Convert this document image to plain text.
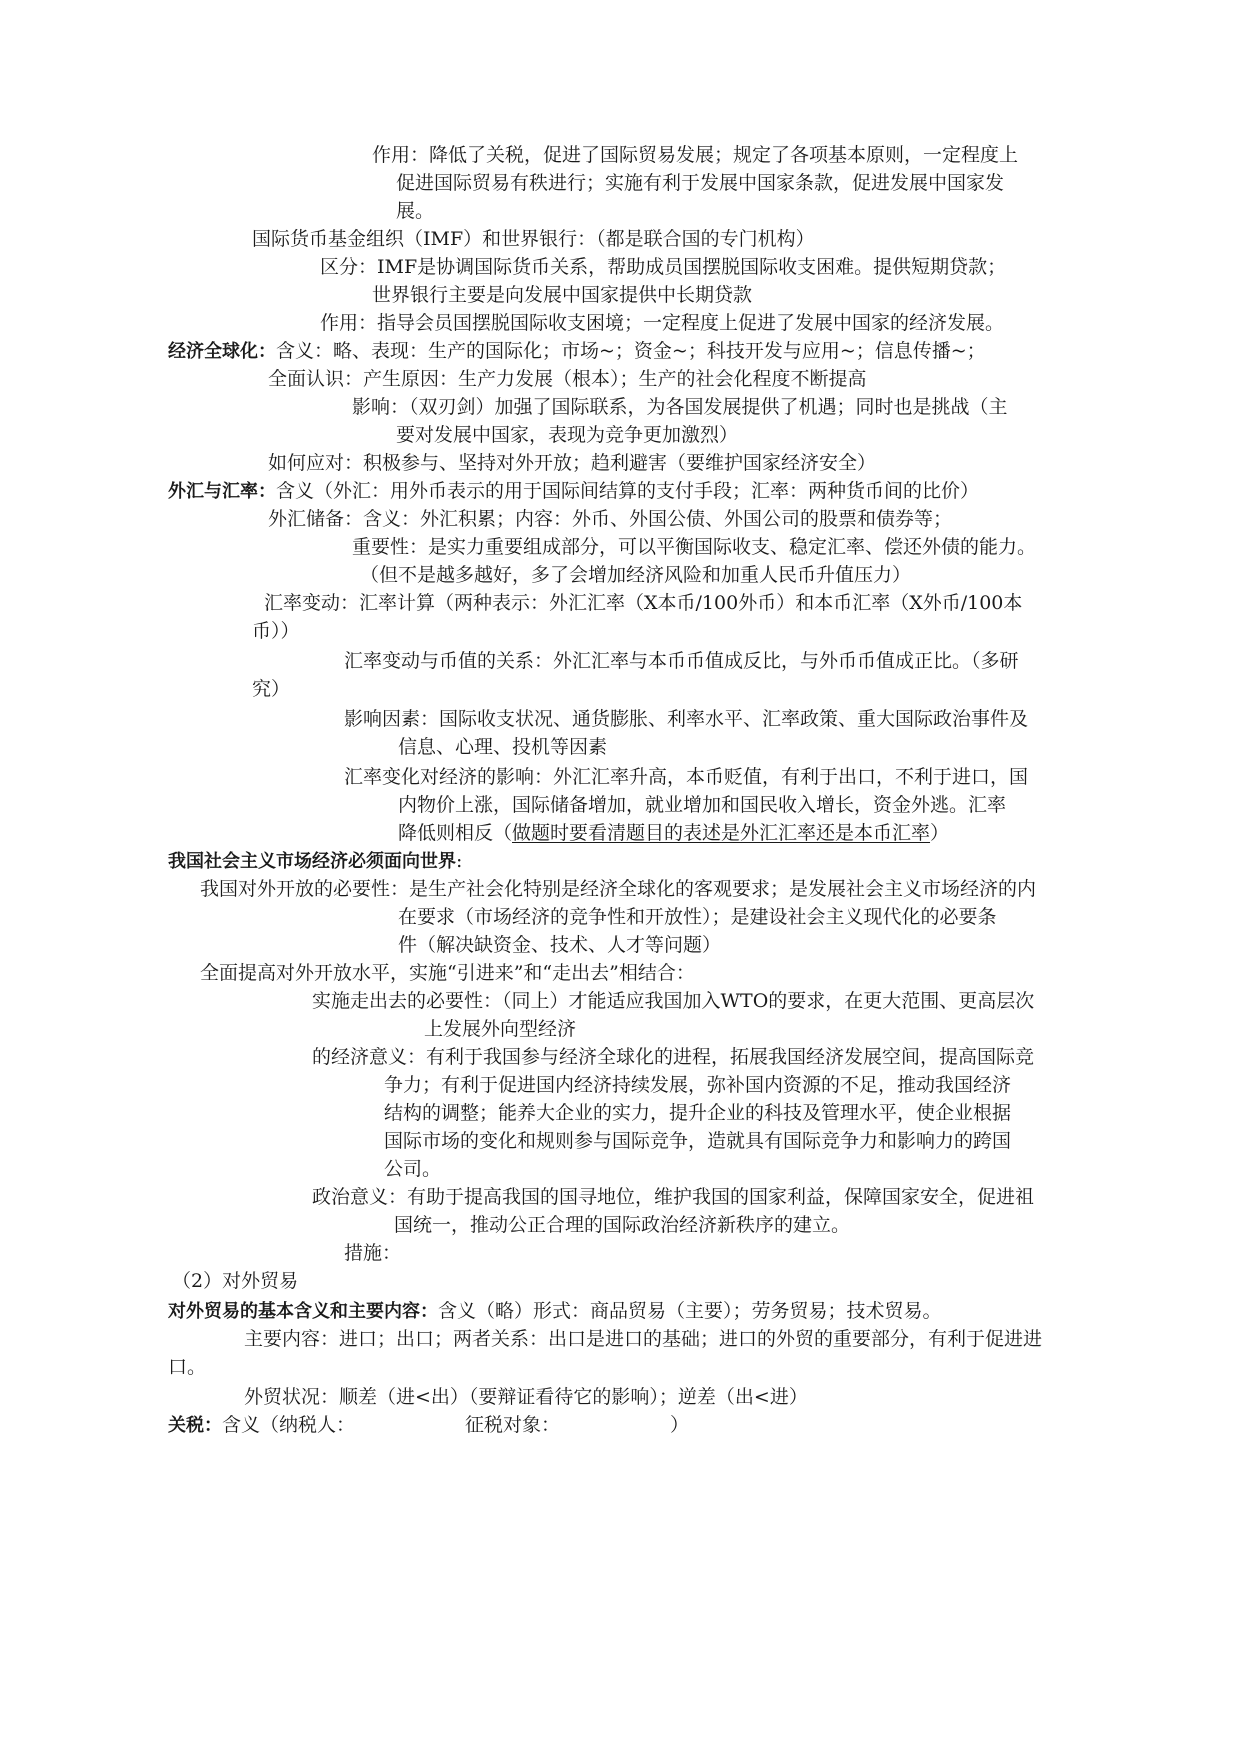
作用：降低了关税，促进了国际贸易发展；规定了各项基本原则，一定程度上
促进国际贸易有秩进行；实施有利于发展中国家条款，促进发展中国家发
展。
国际货币基金组织（IMF）和世界银行：（都是联合国的专门机构）
区分：IMF是协调国际货币关系，帮助成员国摆脱国际收支困难。提供短期贷款；
世界银行主要是向发展中国家提供中长期贷款
作用：指导会员国摆脱国际收支困境；一定程度上促进了发展中国家的经济发展。
经济全球化：含义：略、表现：生产的国际化；市场~；资金~；科技开发与应用~；信息传播~；
全面认识：产生原因：生产力发展（根本）；生产的社会化程度不断提高
影响：（双刃剑）加强了国际联系，为各国发展提供了机遇；同时也是挑战（主
要对发展中国家，表现为竞争更加激烈）
如何应对：积极参与、坚持对外开放；趋利避害（要维护国家经济安全）
外汇与汇率：含义（外汇：用外币表示的用于国际间结算的支付手段；汇率：两种货币间的比价）
外汇储备：含义：外汇积累；内容：外币、外国公债、外国公司的股票和债券等；
重要性：是实力重要组成部分，可以平衡国际收支、稳定汇率、偿还外债的能力。
（但不是越多越好，多了会增加经济风险和加重人民币升值压力）
汇率变动：汇率计算（两种表示：外汇汇率（X本币/100外币）和本币汇率（X外币/100本
币））
汇率变动与币值的关系：外汇汇率与本币币值成反比，与外币币值成正比。（多研
究）
影响因素：国际收支状况、通货膨胀、利率水平、汇率政策、重大国际政治事件及
信息、心理、投机等因素
汇率变化对经济的影响：外汇汇率升高，本币贬值，有利于出口，不利于进口，国
内物价上涨，国际储备增加，就业增加和国民收入增长，资金外逃。汇率
降低则相反（做题时要看清题目的表述是外汇汇率还是本币汇率）
我国社会主义市场经济必须面向世界:
我国对外开放的必要性：是生产社会化特别是经济全球化的客观要求；是发展社会主义市场经济的内
在要求（市场经济的竞争性和开放性）；是建设社会主义现代化的必要条
件（解决缺资金、技术、人才等问题）
全面提高对外开放水平，实施“引进来”和“走出去”相结合：
实施走出去的必要性：（同上）才能适应我国加入WTO的要求，在更大范围、更高层次
上发展外向型经济
的经济意义：有利于我国参与经济全球化的进程，拓展我国经济发展空间，提高国际竞
争力；有利于促进国内经济持续发展，弥补国内资源的不足，推动我国经济
结构的调整；能养大企业的实力，提升企业的科技及管理水平，使企业根据
国际市场的变化和规则参与国际竞争，造就具有国际竞争力和影响力的跨国
公司。
政治意义：有助于提高我国的国寻地位，维护我国的国家利益，保障国家安全，促进祖
国统一，推动公正合理的国际政治经济新秩序的建立。
措施：
（2）对外贸易
对外贸易的基本含义和主要内容：含义（略）形式：商品贸易（主要）；劳务贸易；技术贸易。
主要内容：进口；出口；两者关系：出口是进口的基础；进口的外贸的重要部分，有利于促进进
口。
外贸状况：顺差（进<出）（要辩证看待它的影响）；逆差（出<进）
关税：含义（纳税人：	征税对象：	）
